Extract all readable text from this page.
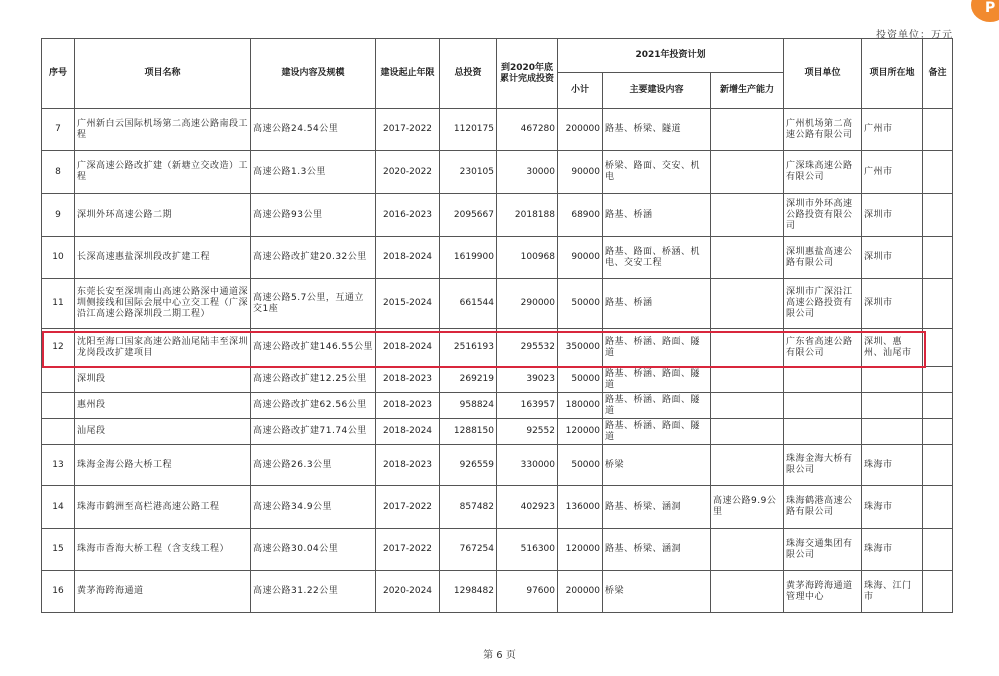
P
投资单位：万元
序号	项目名称	建设内容及规模	建设起止年限	总投资	到2020年底累计完成投资	2021年投资计划			项目单位	项目所在地	备注
						小计	主要建设内容	新增生产能力			
7	广州新白云国际机场第二高速公路南段工程	高速公路24.54公里	2017-2022	1120175	467280	200000	路基、桥梁、隧道		广州机场第二高速公路有限公司	广州市	
8	广深高速公路改扩建（新塘立交改造）工程	高速公路1.3公里	2020-2022	230105	30000	90000	桥梁、路面、交安、机电		广深珠高速公路有限公司	广州市	
9	深圳外环高速公路二期	高速公路93公里	2016-2023	2095667	2018188	68900	路基、桥涵		深圳市外环高速公路投资有限公司	深圳市	
10	长深高速惠盐深圳段改扩建工程	高速公路改扩建20.32公里	2018-2024	1619900	100968	90000	路基、路面、桥涵、机电、交安工程		深圳惠盐高速公路有限公司	深圳市	
11	东莞长安至深圳南山高速公路深中通道深圳侧接线和国际会展中心立交工程（广深沿江高速公路深圳段二期工程）	高速公路5.7公里，互通立交1座	2015-2024	661544	290000	50000	路基、桥涵		深圳市广深沿江高速公路投资有限公司	深圳市	
12	沈阳至海口国家高速公路汕尾陆丰至深圳龙岗段改扩建项目	高速公路改扩建146.55公里	2018-2024	2516193	295532	350000	路基、桥涵、路面、隧道		广东省高速公路有限公司	深圳、惠州、汕尾市	
	深圳段	高速公路改扩建12.25公里	2018-2023	269219	39023	50000	路基、桥涵、路面、隧道				
	惠州段	高速公路改扩建62.56公里	2018-2023	958824	163957	180000	路基、桥涵、路面、隧道				
	汕尾段	高速公路改扩建71.74公里	2018-2024	1288150	92552	120000	路基、桥涵、路面、隧道				
13	珠海金海公路大桥工程	高速公路26.3公里	2018-2023	926559	330000	50000	桥梁		珠海金海大桥有限公司	珠海市	
14	珠海市鹤洲至高栏港高速公路工程	高速公路34.9公里	2017-2022	857482	402923	136000	路基、桥梁、涵洞	高速公路9.9公里	珠海鹤港高速公路有限公司	珠海市	
15	珠海市香海大桥工程（含支线工程）	高速公路30.04公里	2017-2022	767254	516300	120000	路基、桥梁、涵洞		珠海交通集团有限公司	珠海市	
16	黄茅海跨海通道	高速公路31.22公里	2020-2024	1298482	97600	200000	桥梁		黄茅海跨海通道管理中心	珠海、江门市	
第 6 页
